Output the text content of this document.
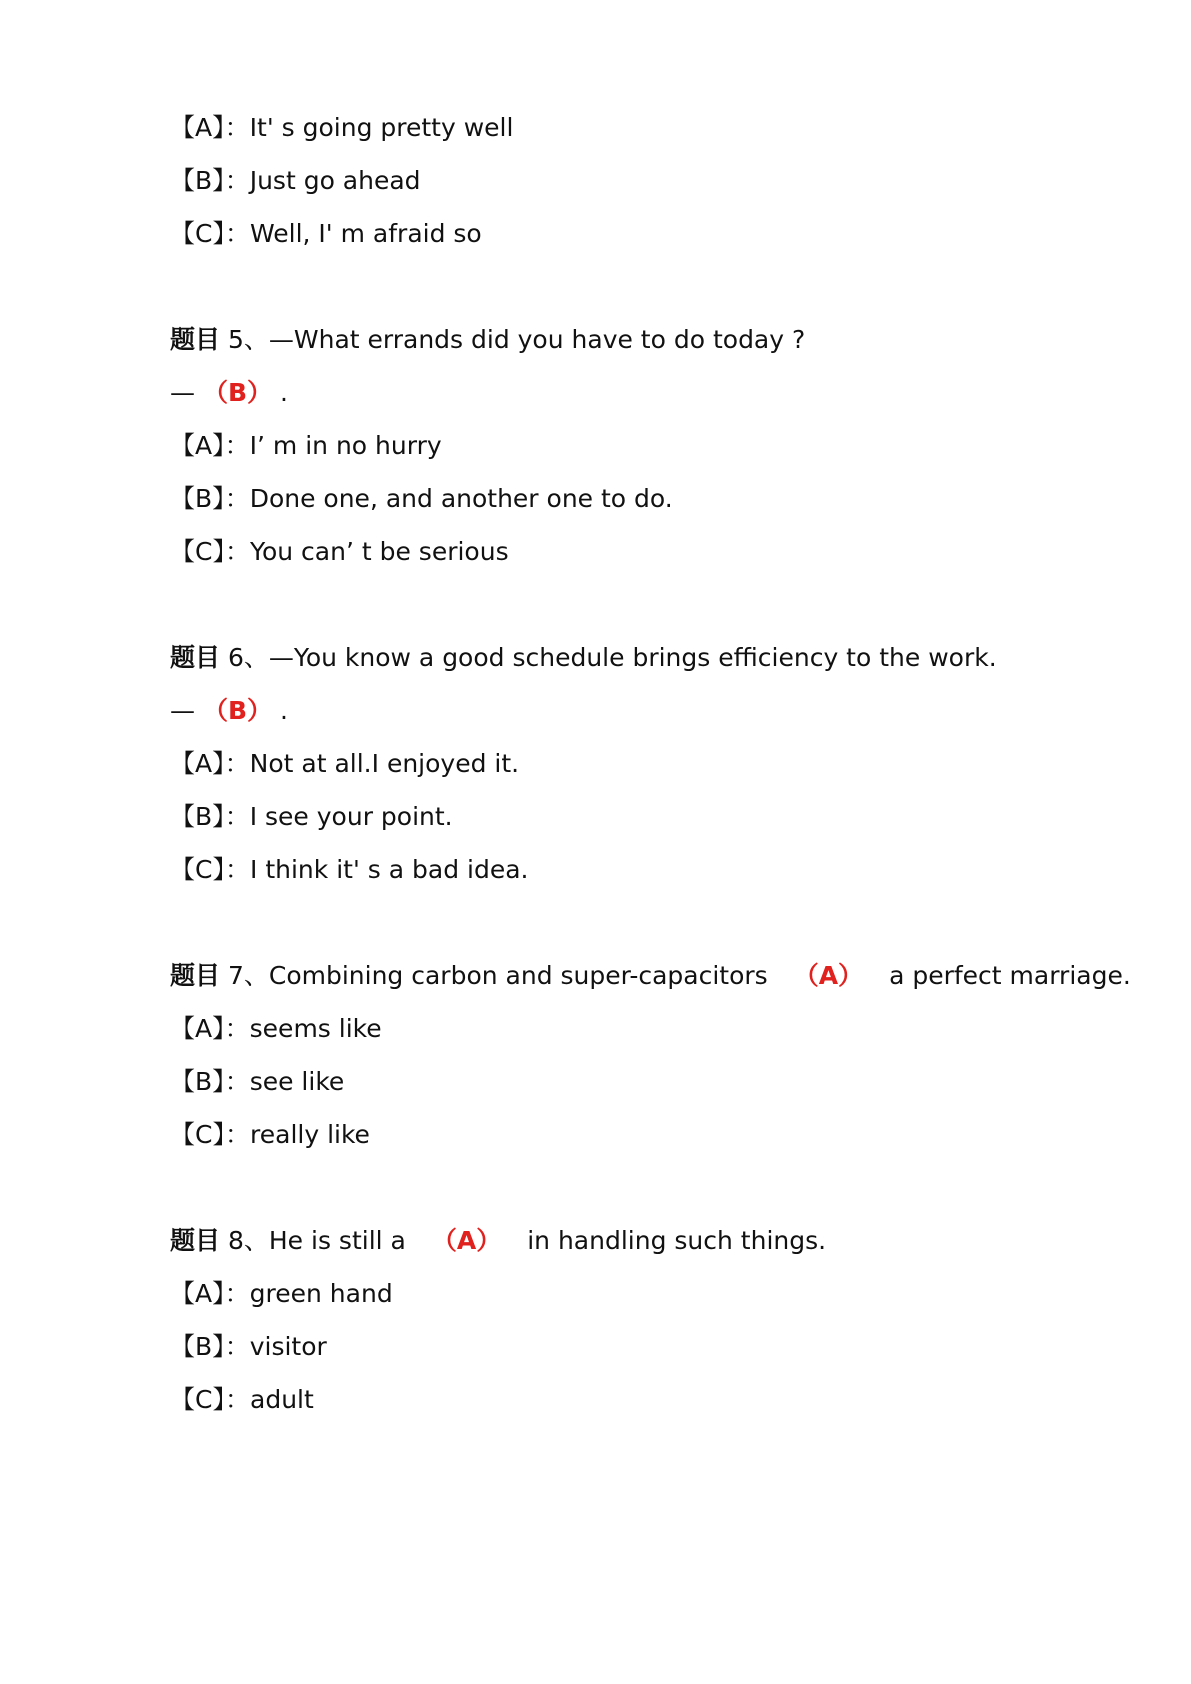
【A】：It' s going pretty well
【B】：Just go ahead
【C】：Well, I' m afraid so
题目 5、—What errands did you have to do today ?
— （B） .
【A】：I’ m in no hurry
【B】：Done one, and another one to do.
【C】：You can’ t be serious
题目 6、—You know a good schedule brings efficiency to the work.
— （B） .
【A】：Not at all.I enjoyed it.
【B】：I see your point.
【C】：I think it' s a bad idea.
题目 7、Combining carbon and super-capacitors （A） a perfect marriage.
【A】：seems like
【B】：see like
【C】：really like
题目 8、He is still a （A） in handling such things.
【A】：green hand
【B】：visitor
【C】：adult
